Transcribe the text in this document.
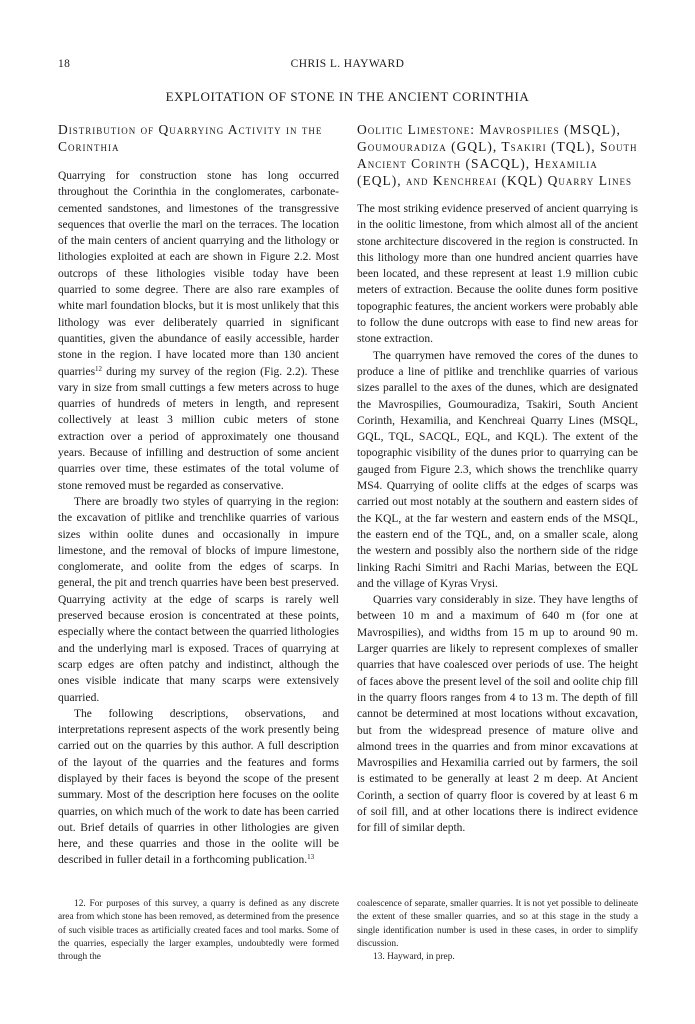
18	CHRIS L. HAYWARD
EXPLOITATION OF STONE IN THE ANCIENT CORINTHIA
Distribution of Quarrying Activity in the Corinthia

Quarrying for construction stone has long occurred throughout the Corinthia in the conglomerates, carbonate-cemented sandstones, and limestones of the transgressive sequences that overlie the marl on the terraces. The location of the main centers of ancient quarrying and the lithology or lithologies exploited at each are shown in Figure 2.2. Most outcrops of these lithologies visible today have been quarried to some degree. There are also rare examples of white marl foundation blocks, but it is most unlikely that this lithology was ever deliberately quarried in significant quantities, given the abundance of easily accessible, harder stone in the region. I have located more than 130 ancient quarries$^{12}$ during my survey of the region (Fig. 2.2). These vary in size from small cuttings a few meters across to huge quarries of hundreds of meters in length, and represent collectively at least 3 million cubic meters of stone extraction over a period of approximately one thousand years. Because of infilling and destruction of some ancient quarries over time, these estimates of the total volume of stone removed must be regarded as conservative.

There are broadly two styles of quarrying in the region: the excavation of pitlike and trenchlike quarries of various sizes within oolite dunes and occasionally in impure limestone, and the removal of blocks of impure limestone, conglomerate, and oolite from the edges of scarps. In general, the pit and trench quarries have been best preserved. Quarrying activity at the edge of scarps is rarely well preserved because erosion is concentrated at these points, especially where the contact between the quarried lithologies and the underlying marl is exposed. Traces of quarrying at scarp edges are often patchy and indistinct, although the ones visible indicate that many scarps were extensively quarried.

The following descriptions, observations, and interpretations represent aspects of the work presently being carried out on the quarries by this author. A full description of the layout of the quarries and the features and forms displayed by their faces is beyond the scope of the present summary. Most of the description here focuses on the oolite quarries, on which much of the work to date has been carried out. Brief details of quarries in other lithologies are given here, and these quarries and those in the oolite will be described in fuller detail in a forthcoming publication.$^{13}$

Oolitic Limestone: Mavrospilies (MSQL), Goumouradiza (GQL), Tsakiri (TQL), South Ancient Corinth (SACQL), Hexamilia (EQL), and Kenchreai (KQL) Quarry Lines

The most striking evidence preserved of ancient quarrying is in the oolitic limestone, from which almost all of the ancient stone architecture discovered in the region is constructed. In this lithology more than one hundred ancient quarries have been located, and these represent at least 1.9 million cubic meters of extraction. Because the oolite dunes form positive topographic features, the ancient workers were probably able to follow the dune outcrops with ease to find new areas for stone extraction.

The quarrymen have removed the cores of the dunes to produce a line of pitlike and trenchlike quarries of various sizes parallel to the axes of the dunes, which are designated the Mavrospilies, Goumouradiza, Tsakiri, South Ancient Corinth, Hexamilia, and Kenchreai Quarry Lines (MSQL, GQL, TQL, SACQL, EQL, and KQL). The extent of the topographic visibility of the dunes prior to quarrying can be gauged from Figure 2.3, which shows the trenchlike quarry MS4. Quarrying of oolite cliffs at the edges of scarps was carried out most notably at the southern and eastern sides of the KQL, at the far western and eastern ends of the MSQL, the eastern end of the TQL, and, on a smaller scale, along the western and possibly also the northern side of the ridge linking Rachi Simitri and Rachi Marias, between the EQL and the village of Kyras Vrysi.

Quarries vary considerably in size. They have lengths of between 10 m and a maximum of 640 m (for one at Mavrospilies), and widths from 15 m up to around 90 m. Larger quarries are likely to represent complexes of smaller quarries that have coalesced over periods of use. The height of faces above the present level of the soil and oolite chip fill in the quarry floors ranges from 4 to 13 m. The depth of fill cannot be determined at most locations without excavation, but from the widespread presence of mature olive and almond trees in the quarries and from minor excavations at Mavrospilies and Hexamilia carried out by farmers, the soil is estimated to be generally at least 2 m deep. At Ancient Corinth, a section of quarry floor is covered by at least 6 m of soil fill, and at other locations there is indirect evidence for fill of similar depth.

12. For purposes of this survey, a quarry is defined as any discrete area from which stone has been removed, as determined from the presence of such visible traces as artificially created faces and tool marks. Some of the quarries, especially the larger examples, undoubtedly were formed through the

coalescence of separate, smaller quarries. It is not yet possible to delineate the extent of these smaller quarries, and so at this stage in the study a single identification number is used in these cases, in order to simplify discussion.

13. Hayward, in prep.
